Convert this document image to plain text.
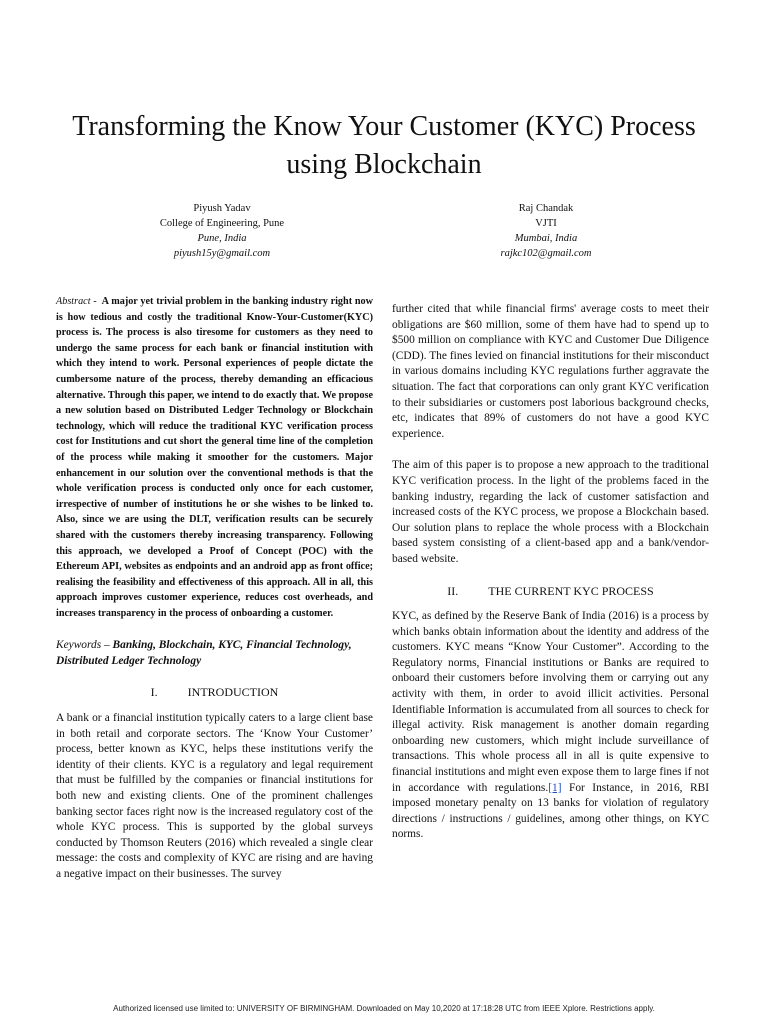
Transforming the Know Your Customer (KYC) Process using Blockchain
Piyush Yadav
College of Engineering, Pune
Pune, India
piyush15y@gmail.com
Raj Chandak
VJTI
Mumbai, India
rajkc102@gmail.com

Abstract - A major yet trivial problem in the banking industry right now is how tedious and costly the traditional Know-Your-Customer(KYC) process is. The process is also tiresome for customers as they need to undergo the same process for each bank or financial institution with which they intend to work. Personal experiences of people dictate the cumbersome nature of the process, thereby demanding an efficacious alternative. Through this paper, we intend to do exactly that. We propose a new solution based on Distributed Ledger Technology or Blockchain technology, which will reduce the traditional KYC verification process cost for Institutions and cut short the general time line of the completion of the process while making it smoother for the customers. Major enhancement in our solution over the conventional methods is that the whole verification process is conducted only once for each customer, irrespective of number of institutions he or she wishes to be linked to. Also, since we are using the DLT, verification results can be securely shared with the customers thereby increasing transparency. Following this approach, we developed a Proof of Concept (POC) with the Ethereum API, websites as endpoints and an android app as front office; realising the feasibility and effectiveness of this approach. All in all, this approach improves customer experience, reduces cost overheads, and increases transparency in the process of onboarding a customer.

Keywords – Banking, Blockchain, KYC, Financial Technology, Distributed Ledger Technology

I.	INTRODUCTION

A bank or a financial institution typically caters to a large client base in both retail and corporate sectors. The ‘Know Your Customer’ process, better known as KYC, helps these institutions verify the identity of their clients. KYC is a regulatory and legal requirement that must be fulfilled by the companies or financial institutions for both new and existing clients. One of the prominent challenges banking sector faces right now is the increased regulatory cost of the whole KYC process. This is supported by the global surveys conducted by Thomson Reuters (2016) which revealed a single clear message: the costs and complexity of KYC are rising and are having a negative impact on their businesses. The survey

further cited that while financial firms' average costs to meet their obligations are $60 million, some of them have had to spend up to $500 million on compliance with KYC and Customer Due Diligence (CDD). The fines levied on financial institutions for their misconduct in various domains including KYC regulations further aggravate the situation. The fact that corporations can only grant KYC verification to their subsidiaries or customers post laborious background checks, etc, indicates that 89% of customers do not have a good KYC experience.

The aim of this paper is to propose a new approach to the traditional KYC verification process. In the light of the problems faced in the banking industry, regarding the lack of customer satisfaction and increased costs of the KYC process, we propose a Blockchain based. Our solution plans to replace the whole process with a Blockchain based system consisting of a client-based app and a bank/vendor-based website.

II.	THE CURRENT KYC PROCESS

KYC, as defined by the Reserve Bank of India (2016) is a process by which banks obtain information about the identity and address of the customers. KYC means “Know Your Customer”. According to the Regulatory norms, Financial institutions or Banks are required to onboard their customers before involving them or carrying out any activity with them, in order to avoid illicit activities. Personal Identifiable Information is accumulated from all sources to check for illegal activity. Risk management is another domain regarding onboarding new customers, which might include surveillance of transactions. This whole process all in all is quite expensive to financial institutions and might even expose them to large fines if not in accordance with regulations.[1] For Instance, in 2016, RBI imposed monetary penalty on 13 banks for violation of regulatory directions / instructions / guidelines, among other things, on KYC norms.

Authorized licensed use limited to: UNIVERSITY OF BIRMINGHAM. Downloaded on May 10,2020 at 17:18:28 UTC from IEEE Xplore. Restrictions apply.
